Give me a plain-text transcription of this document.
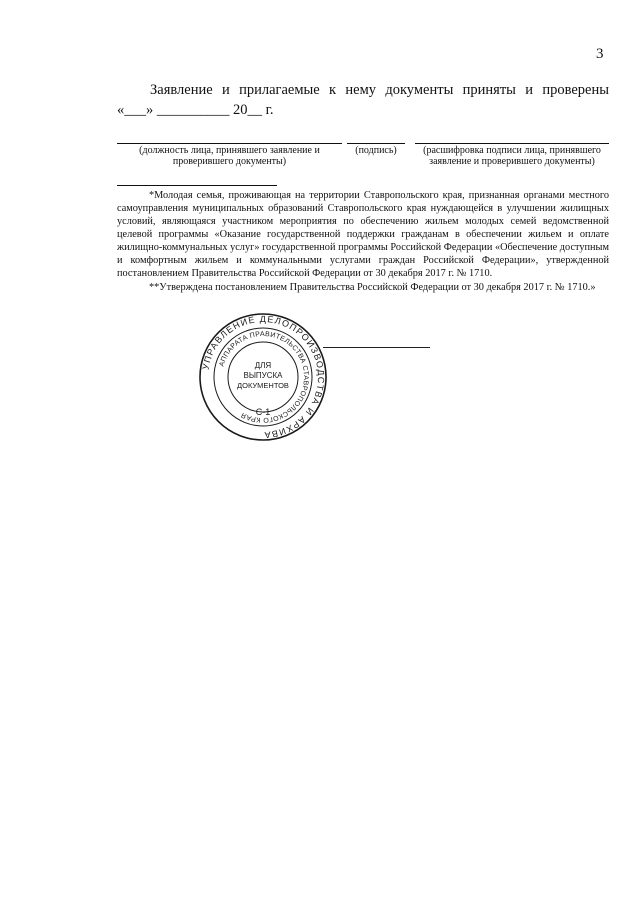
3
Заявление и прилагаемые к нему документы приняты и проверены
«___» __________ 20__ г.
(должность лица, принявшего заявление и проверившего документы)
(подпись)	(расшифровка подписи лица, принявшего заявление и проверившего документы)

*Молодая семья, проживающая на территории Ставропольского края, признанная органами местного самоуправления муниципальных образований Ставропольского края нуждающейся в улучшении жилищных условий, являющаяся участником мероприятия по обеспечению жильем молодых семей ведомственной целевой программы «Оказание государственной поддержки гражданам в обеспечении жильем и оплате жилищно-коммунальных услуг» государственной программы Российской Федерации «Обеспечение доступным и комфортным жильем и коммунальными услугами граждан Российской Федерации», утвержденной постановлением Правительства Российской Федерации от 30 декабря 2017 г. № 1710.

**Утверждена постановлением Правительства Российской Федерации от 30 декабря 2017 г. № 1710.»

УПРАВЛЕНИЕ ДЕЛОПРОИЗВОДСТВА И АРХИВА
АППАРАТА ПРАВИТЕЛЬСТВА СТАВРОПОЛЬСКОГО КРАЯ
ДЛЯ
ВЫПУСКА
ДОКУМЕНТОВ
С-1
